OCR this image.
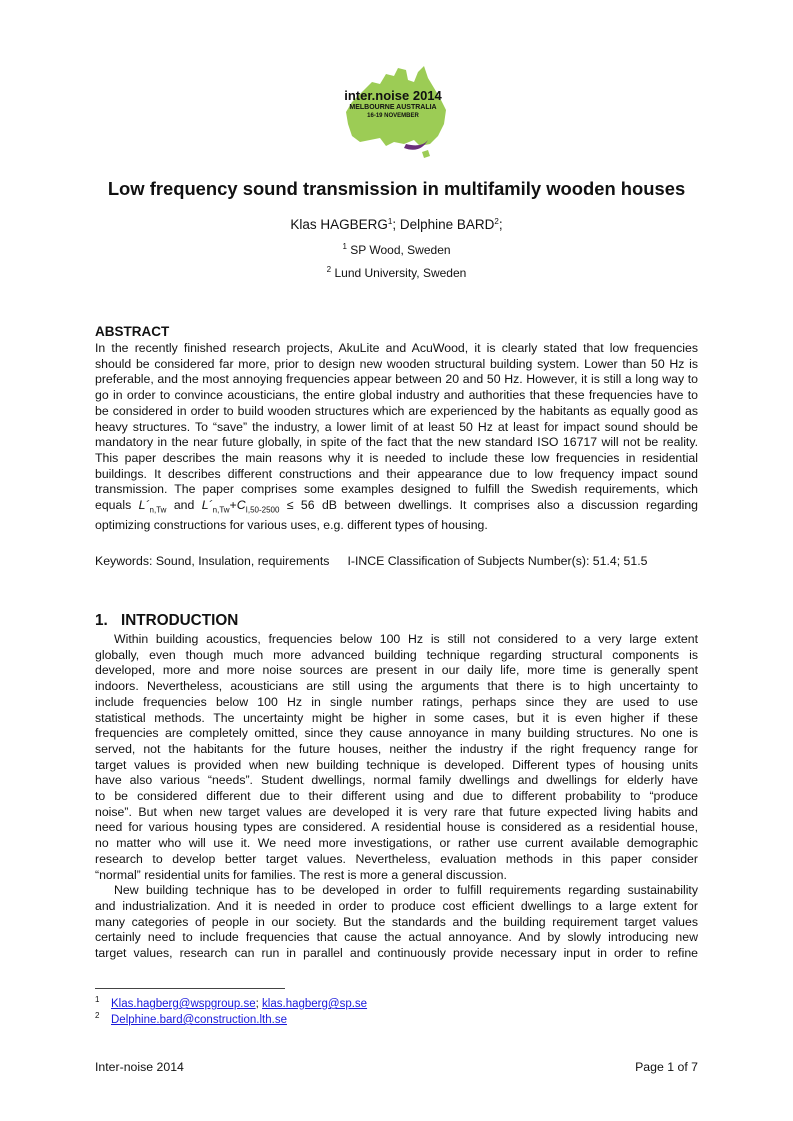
inter.noise 2014
MELBOURNE AUSTRALIA
16-19 NOVEMBER
Low frequency sound transmission in multifamily wooden houses
Klas HAGBERG$^1$; Delphine BARD$^2$;
$^1$ SP Wood, Sweden
$^2$ Lund University, Sweden
ABSTRACT
In the recently finished research projects, AkuLite and AcuWood, it is clearly stated that low frequencies
should be considered far more, prior to design new wooden structural building system. Lower than 50 Hz is
preferable, and the most annoying frequencies appear between 20 and 50 Hz. However, it is still a long way to
go in order to convince acousticians, the entire global industry and authorities that these frequencies have to
be considered in order to build wooden structures which are experienced by the habitants as equally good as
heavy structures. To “save” the industry, a lower limit of at least 50 Hz at least for impact sound should be
mandatory in the near future globally, in spite of the fact that the new standard ISO 16717 will not be reality.
This paper describes the main reasons why it is needed to include these low frequencies in residential
buildings. It describes different constructions and their appearance due to low frequency impact sound
transmission. The paper comprises some examples designed to fulfill the Swedish requirements, which
equals $L´_{n,Tw}$ and $L´_{n,Tw}+C_{I,50-2500} \le 56$ dB between dwellings. It comprises also a discussion regarding
optimizing constructions for various uses, e.g. different types of housing.
Keywords: Sound, Insulation, requirements I-INCE Classification of Subjects Number(s): 51.4; 51.5
1. INTRODUCTION
Within building acoustics, frequencies below 100 Hz is still not considered to a very large extent
globally, even though much more advanced building technique regarding structural components is
developed, more and more noise sources are present in our daily life, more time is generally spent
indoors. Nevertheless, acousticians are still using the arguments that there is to high uncertainty to
include frequencies below 100 Hz in single number ratings, perhaps since they are used to use
statistical methods. The uncertainty might be higher in some cases, but it is even higher if these
frequencies are completely omitted, since they cause annoyance in many building structures. No one is
served, not the habitants for the future houses, neither the industry if the right frequency range for
target values is provided when new building technique is developed. Different types of housing units
have also various “needs”. Student dwellings, normal family dwellings and dwellings for elderly have
to be considered different due to their different using and due to different probability to “produce
noise”. But when new target values are developed it is very rare that future expected living habits and
need for various housing types are considered. A residential house is considered as a residential house,
no matter who will use it. We need more investigations, or rather use current available demographic
research to develop better target values. Nevertheless, evaluation methods in this paper consider
“normal” residential units for families. The rest is more a general discussion.
New building technique has to be developed in order to fulfill requirements regarding sustainability
and industrialization. And it is needed in order to produce cost efficient dwellings to a large extent for
many categories of people in our society. But the standards and the building requirement target values
certainly need to include frequencies that cause the actual annoyance. And by slowly introducing new
target values, research can run in parallel and continuously provide necessary input in order to refine
$^1$ Klas.hagberg@wspgroup.se; klas.hagberg@sp.se
$^2$ Delphine.bard@construction.lth.se
Inter-noise 2014	Page 1 of 7
